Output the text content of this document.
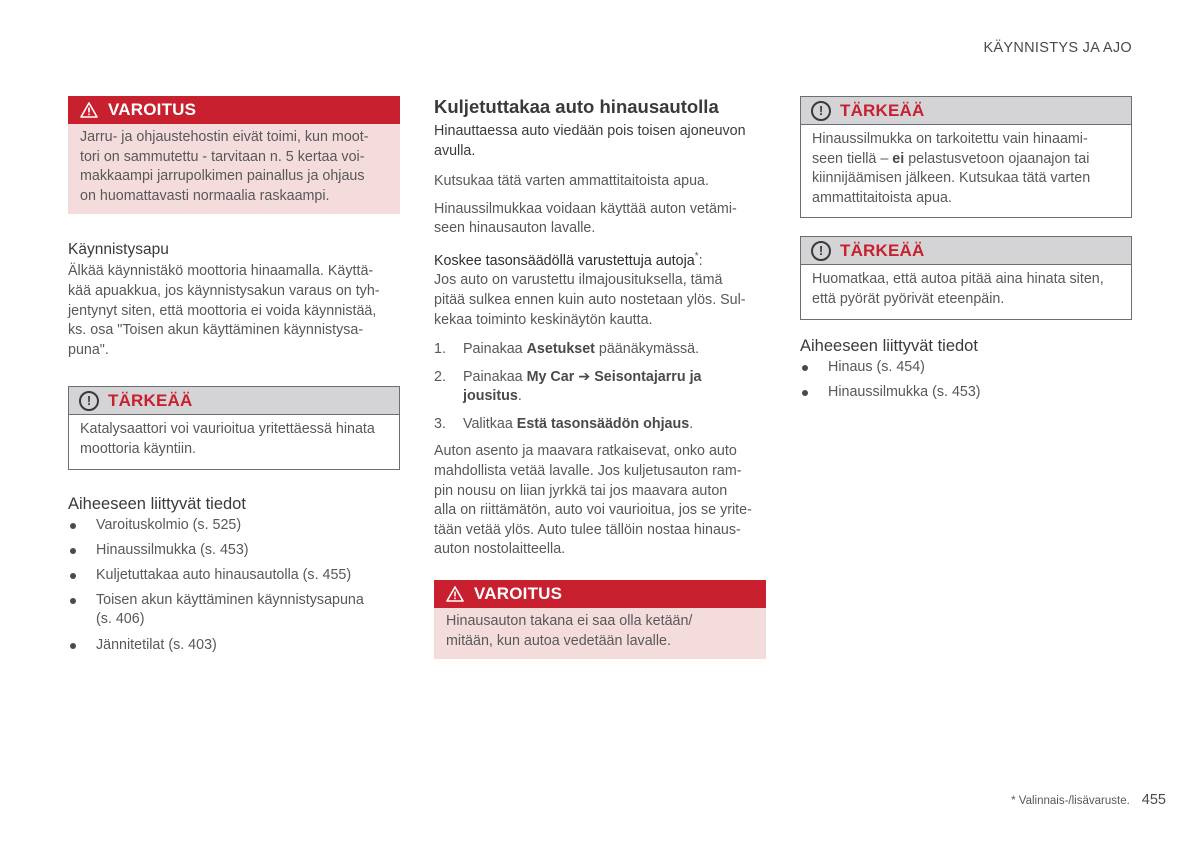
KÄYNNISTYS JA AJO
VAROITUS

Jarru- ja ohjaustehostin eivät toimi, kun moot-

tori on sammutettu - tarvitaan n. 5 kertaa voi-

makkaampi jarrupolkimen painallus ja ohjaus

on huomattavasti normaalia raskaampi.

Käynnistysapu

Älkää käynnistäkö moottoria hinaamalla. Käyttä-

kää apuakkua, jos käynnistysakun varaus on tyh-

jentynyt siten, että moottoria ei voida käynnistää,

ks. osa "Toisen akun käyttäminen käynnistysa-

puna".

! TÄRKEÄÄ

Katalysaattori voi vaurioitua yritettäessä hinata

moottoria käyntiin.

Aiheeseen liittyvät tiedot
Varoituskolmio (s. 525)
Hinaussilmukka (s. 453)
Kuljetuttakaa auto hinausautolla (s. 455)
Toisen akun käyttäminen käynnistysapuna
(s. 406)
Jännitetilat (s. 403)
Kuljetuttakaa auto hinausautolla

Hinauttaessa auto viedään pois toisen ajoneuvon

avulla.

Kutsukaa tätä varten ammattitaitoista apua.

Hinaussilmukkaa voidaan käyttää auton vetämi-

seen hinausauton lavalle.

Koskee tasonsäädöllä varustettuja autoja*:

Jos auto on varustettu ilmajousituksella, tämä

pitää sulkea ennen kuin auto nostetaan ylös. Sul-

kekaa toiminto keskinäytön kautta.

1. Painakaa Asetukset päänäkymässä.
2. Painakaa My Car ➔ Seisontajarru ja
jousitus.
3. Valitkaa Estä tasonsäädön ohjaus.

Auton asento ja maavara ratkaisevat, onko auto

mahdollista vetää lavalle. Jos kuljetusauton ram-

pin nousu on liian jyrkkä tai jos maavara auton

alla on riittämätön, auto voi vaurioitua, jos se yrite-

tään vetää ylös. Auto tulee tällöin nostaa hinaus-

auton nostolaitteella.

VAROITUS

Hinausauton takana ei saa olla ketään/

mitään, kun autoa vedetään lavalle.

! TÄRKEÄÄ

Hinaussilmukka on tarkoitettu vain hinaami-

seen tiellä – ei pelastusvetoon ojaanajon tai

kiinnijäämisen jälkeen. Kutsukaa tätä varten

ammattitaitoista apua.

! TÄRKEÄÄ

Huomatkaa, että autoa pitää aina hinata siten,

että pyörät pyörivät eteenpäin.

Aiheeseen liittyvät tiedot
Hinaus (s. 454)
Hinaussilmukka (s. 453)
* Valinnais-/lisävaruste. 455
